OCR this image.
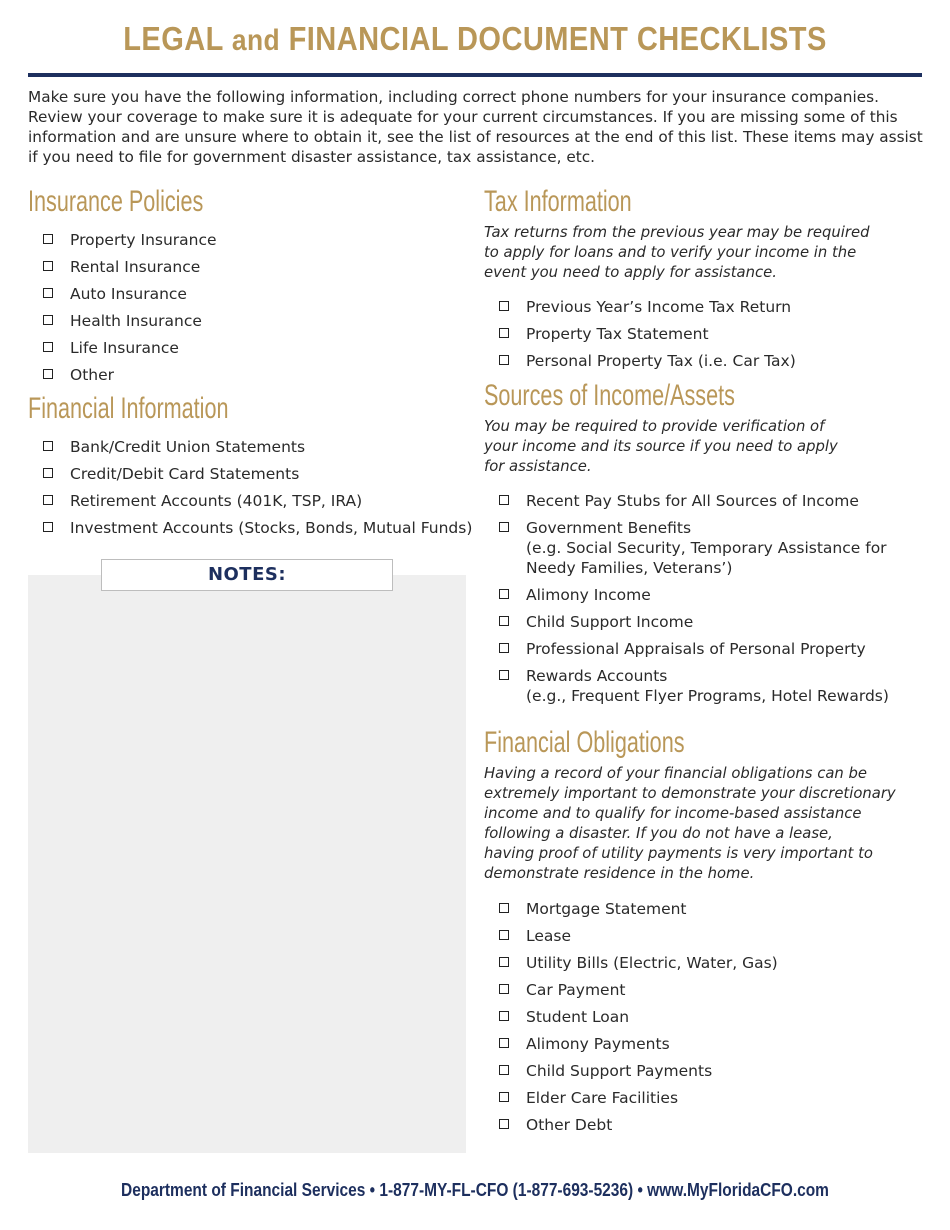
LEGAL and FINANCIAL DOCUMENT CHECKLISTS

Make sure you have the following information, including correct phone numbers for your insurance companies. Review your coverage to make sure it is adequate for your current circumstances. If you are missing some of this information and are unsure where to obtain it, see the list of resources at the end of this list. These items may assist if you need to file for government disaster assistance, tax assistance, etc.

Insurance Policies
Property Insurance
Rental Insurance
Auto Insurance
Health Insurance
Life Insurance
Other
Financial Information
Bank/Credit Union Statements
Credit/Debit Card Statements
Retirement Accounts (401K, TSP, IRA)
Investment Accounts (Stocks, Bonds, Mutual Funds)
NOTES:
Tax Information

Tax returns from the previous year may be required
to apply for loans and to verify your income in the
event you need to apply for assistance.

Previous Year’s Income Tax Return
Property Tax Statement
Personal Property Tax (i.e. Car Tax)
Sources of Income/Assets

You may be required to provide verification of
your income and its source if you need to apply
for assistance.

Recent Pay Stubs for All Sources of Income
Government Benefits
(e.g. Social Security, Temporary Assistance for Needy Families, Veterans’)
Alimony Income
Child Support Income
Professional Appraisals of Personal Property
Rewards Accounts
(e.g., Frequent Flyer Programs, Hotel Rewards)
Financial Obligations

Having a record of your financial obligations can be
extremely important to demonstrate your discretionary
income and to qualify for income-based assistance
following a disaster. If you do not have a lease,
having proof of utility payments is very important to
demonstrate residence in the home.

Mortgage Statement
Lease
Utility Bills (Electric, Water, Gas)
Car Payment
Student Loan
Alimony Payments
Child Support Payments
Elder Care Facilities
Other Debt
Department of Financial Services • 1-877-MY-FL-CFO (1-877-693-5236) • www.MyFloridaCFO.com
